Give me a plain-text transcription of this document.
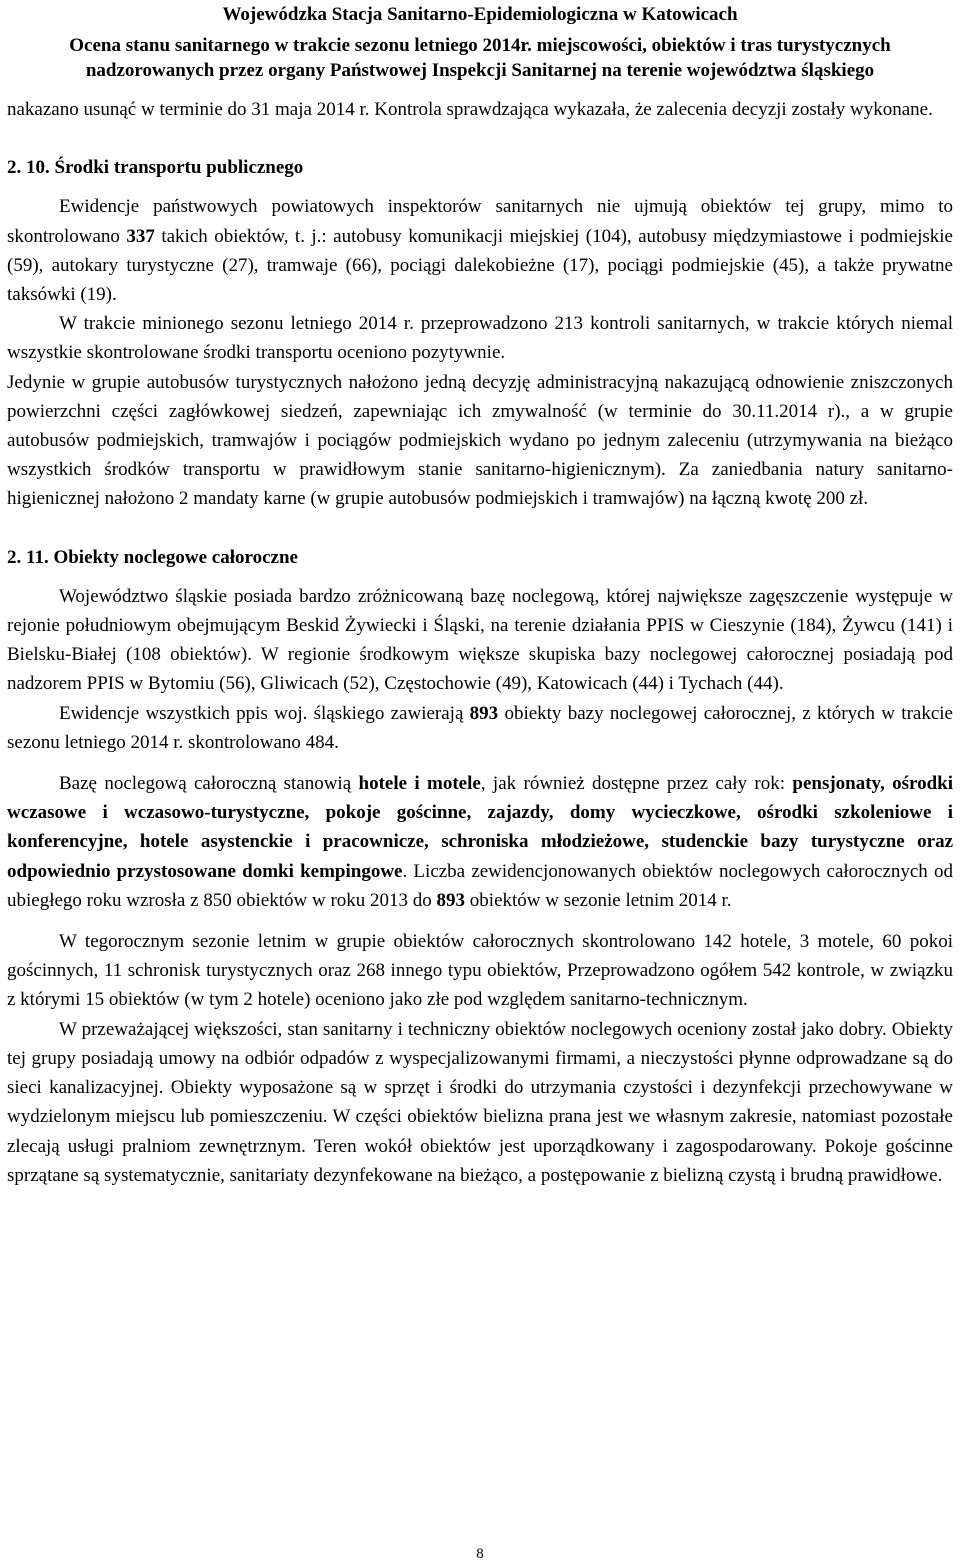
Wojewódzka Stacja Sanitarno-Epidemiologiczna w Katowicach
Ocena stanu sanitarnego w trakcie sezonu letniego 2014r. miejscowości, obiektów i tras turystycznych nadzorowanych przez organy Państwowej Inspekcji Sanitarnej na terenie województwa śląskiego

nakazano usunąć w terminie do 31 maja 2014 r. Kontrola sprawdzająca wykazała, że zalecenia decyzji zostały wykonane.

2. 10. Środki transportu publicznego

Ewidencje państwowych powiatowych inspektorów sanitarnych nie ujmują obiektów tej grupy, mimo to skontrolowano 337 takich obiektów, t. j.: autobusy komunikacji miejskiej (104), autobusy międzymiastowe i podmiejskie (59), autokary turystyczne (27), tramwaje (66), pociągi dalekobieżne (17), pociągi podmiejskie (45), a także prywatne taksówki (19).

W trakcie minionego sezonu letniego 2014 r. przeprowadzono 213 kontroli sanitarnych, w trakcie których niemal wszystkie skontrolowane środki transportu oceniono pozytywnie.

Jedynie w grupie autobusów turystycznych nałożono jedną decyzję administracyjną nakazującą odnowienie zniszczonych powierzchni części zagłówkowej siedzeń, zapewniając ich zmywalność (w terminie do 30.11.2014 r)., a w grupie autobusów podmiejskich, tramwajów i pociągów podmiejskich wydano po jednym zaleceniu (utrzymywania na bieżąco wszystkich środków transportu w prawidłowym stanie sanitarno-higienicznym). Za zaniedbania natury sanitarno-higienicznej nałożono 2 mandaty karne (w grupie autobusów podmiejskich i tramwajów) na łączną kwotę 200 zł.

2. 11. Obiekty noclegowe całoroczne

Województwo śląskie posiada bardzo zróżnicowaną bazę noclegową, której największe zagęszczenie występuje w rejonie południowym obejmującym Beskid Żywiecki i Śląski, na terenie działania PPIS w Cieszynie (184), Żywcu (141) i Bielsku-Białej (108 obiektów). W regionie środkowym większe skupiska bazy noclegowej całorocznej posiadają pod nadzorem PPIS w Bytomiu (56), Gliwicach (52), Częstochowie (49), Katowicach (44) i Tychach (44).

Ewidencje wszystkich ppis woj. śląskiego zawierają 893 obiekty bazy noclegowej całorocznej, z których w trakcie sezonu letniego 2014 r. skontrolowano 484.

Bazę noclegową całoroczną stanowią hotele i motele, jak również dostępne przez cały rok: pensjonaty, ośrodki wczasowe i wczasowo-turystyczne, pokoje gościnne, zajazdy, domy wycieczkowe, ośrodki szkoleniowe i konferencyjne, hotele asystenckie i pracownicze, schroniska młodzieżowe, studenckie bazy turystyczne oraz odpowiednio przystosowane domki kempingowe. Liczba zewidencjonowanych obiektów noclegowych całorocznych od ubiegłego roku wzrosła z 850 obiektów w roku 2013 do 893 obiektów w sezonie letnim 2014 r.

W tegorocznym sezonie letnim w grupie obiektów całorocznych skontrolowano 142 hotele, 3 motele, 60 pokoi gościnnych, 11 schronisk turystycznych oraz 268 innego typu obiektów, Przeprowadzono ogółem 542 kontrole, w związku z którymi 15 obiektów (w tym 2 hotele) oceniono jako złe pod względem sanitarno-technicznym.

W przeważającej większości, stan sanitarny i techniczny obiektów noclegowych oceniony został jako dobry. Obiekty tej grupy posiadają umowy na odbiór odpadów z wyspecjalizowanymi firmami, a nieczystości płynne odprowadzane są do sieci kanalizacyjnej. Obiekty wyposażone są w sprzęt i środki do utrzymania czystości i dezynfekcji przechowywane w wydzielonym miejscu lub pomieszczeniu. W części obiektów bielizna prana jest we własnym zakresie, natomiast pozostałe zlecają usługi pralniom zewnętrznym. Teren wokół obiektów jest uporządkowany i zagospodarowany. Pokoje gościnne sprzątane są systematycznie, sanitariaty dezynfekowane na bieżąco, a postępowanie z bielizną czystą i brudną prawidłowe.

8
